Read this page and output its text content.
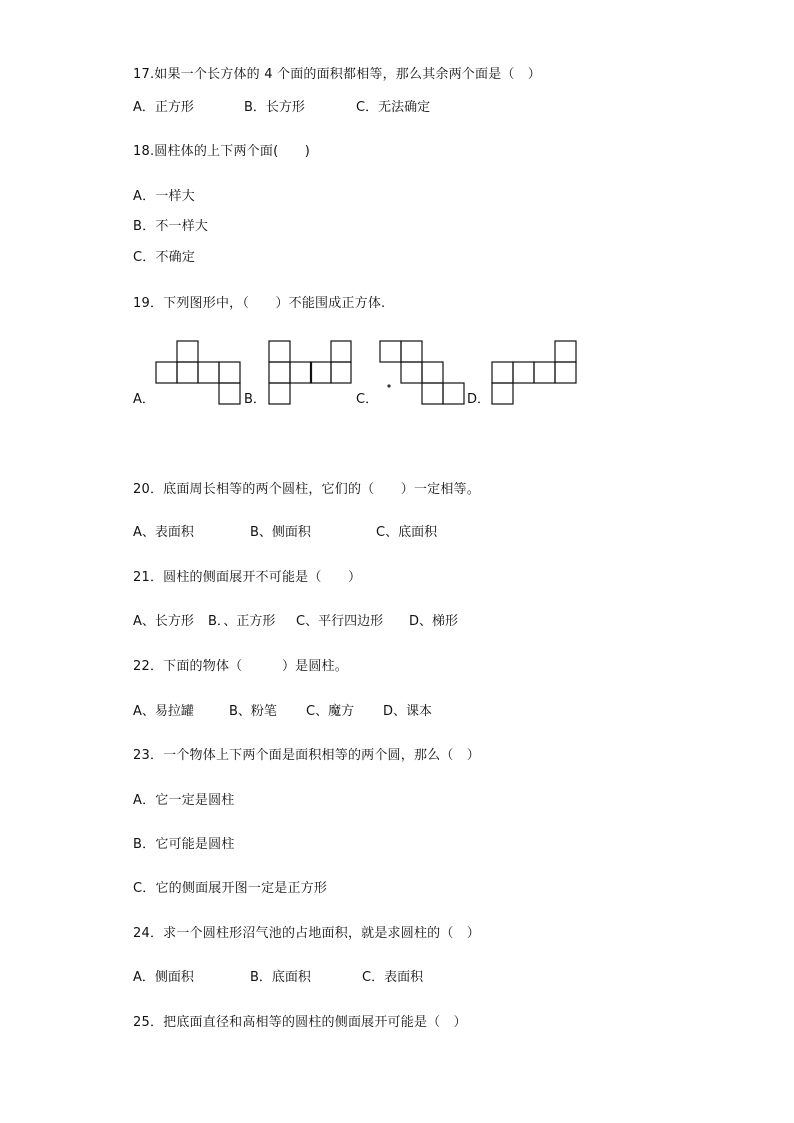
17.如果一个长方体的 4 个面的面积都相等，那么其余两个面是（　）

A．正方形

	B．长方形

	C．无法确定

18.圆柱体的上下两个面(　　)
A．一样大
B．不一样大
C．不确定
19．下列图形中，（　　）不能围成正方体.
A．	B．	C．	D．
20．底面周长相等的两个圆柱，它们的（　　）一定相等。

A、表面积

	B、侧面积

	C、底面积

21．圆柱的侧面展开不可能是（　　）

A、长方形

B．、正方形

C、平行四边形

D、梯形

22．下面的物体（　　　）是圆柱。

A、易拉罐

	B、粉笔

C、魔方

D、课本

23．一个物体上下两个面是面积相等的两个圆，那么（　）
A．它一定是圆柱
B．它可能是圆柱
C．它的侧面展开图一定是正方形
24．求一个圆柱形沼气池的占地面积，就是求圆柱的（　）

A．侧面积

	B．底面积

	C．表面积

25．把底面直径和高相等的圆柱的侧面展开可能是（　）
